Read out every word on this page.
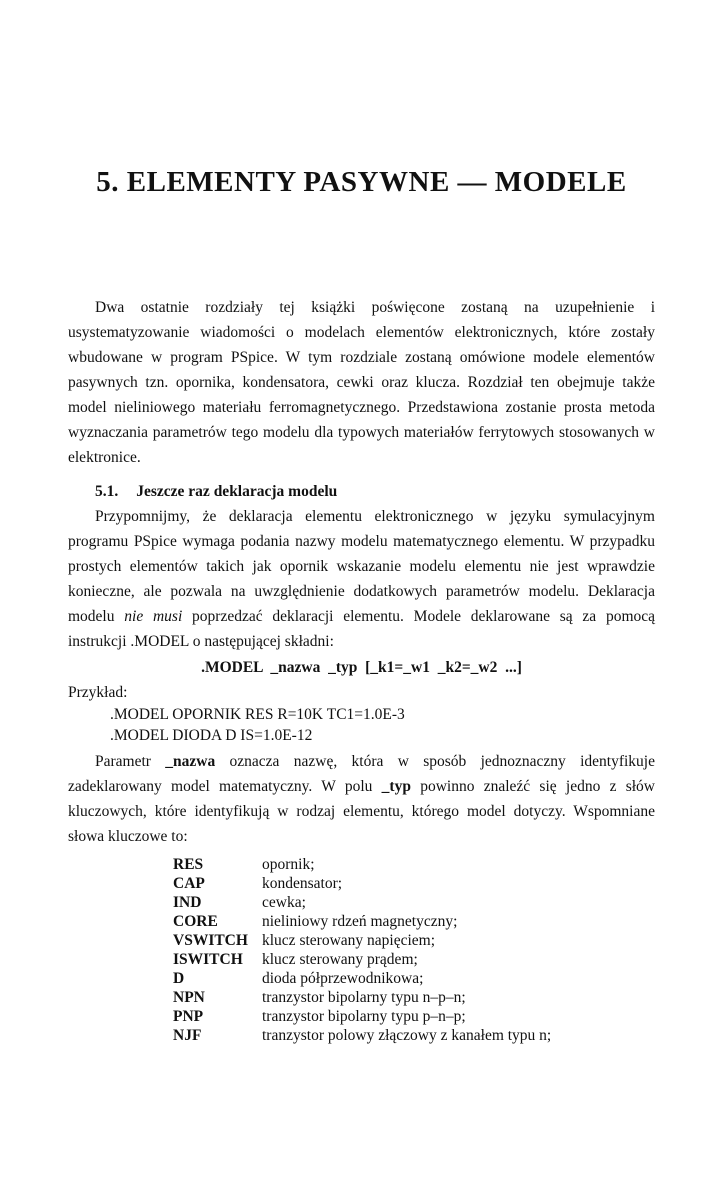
5. ELEMENTY PASYWNE — MODELE

Dwa ostatnie rozdziały tej książki poświęcone zostaną na uzupełnienie i usystematyzowanie wiadomości o modelach elementów elektronicznych, które zostały wbudowane w program PSpice. W tym rozdziale zostaną omówione modele elementów pasywnych tzn. opornika, kondensatora, cewki oraz klucza. Rozdział ten obejmuje także model nieliniowego materiału ferromagnetycznego. Przedstawiona zostanie prosta metoda wyznaczania parametrów tego modelu dla typowych materiałów ferrytowych stosowanych w elektronice.

5.1. Jeszcze raz deklaracja modelu

Przypomnijmy, że deklaracja elementu elektronicznego w języku symulacyjnym programu PSpice wymaga podania nazwy modelu matematycznego elementu. W przypadku prostych elementów takich jak opornik wskazanie modelu elementu nie jest wprawdzie konieczne, ale pozwala na uwzględnienie dodatkowych parametrów modelu. Deklaracja modelu nie musi poprzedzać deklaracji elementu. Modele deklarowane są za pomocą instrukcji .MODEL o następującej składni:

.MODEL  _nazwa  _typ  [_k1=_w1  _k2=_w2  ...]
Przykład:
.MODEL OPORNIK RES R=10K TC1=1.0E-3
.MODEL DIODA D IS=1.0E-12

Parametr _nazwa oznacza nazwę, która w sposób jednoznaczny identyfikuje zadeklarowany model matematyczny. W polu _typ powinno znaleźć się jedno z słów kluczowych, które identyfikują w rodzaj elementu, którego model dotyczy. Wspomniane słowa kluczowe to:

RES	opornik;
CAP	kondensator;
IND	cewka;
CORE	nieliniowy rdzeń magnetyczny;
VSWITCH klucz sterowany napięciem;
ISWITCH	klucz sterowany prądem;
D	dioda półprzewodnikowa;
NPN	tranzystor bipolarny typu n–p–n;
PNP	tranzystor bipolarny typu p–n–p;
NJF	tranzystor polowy złączowy z kanałem typu n;
